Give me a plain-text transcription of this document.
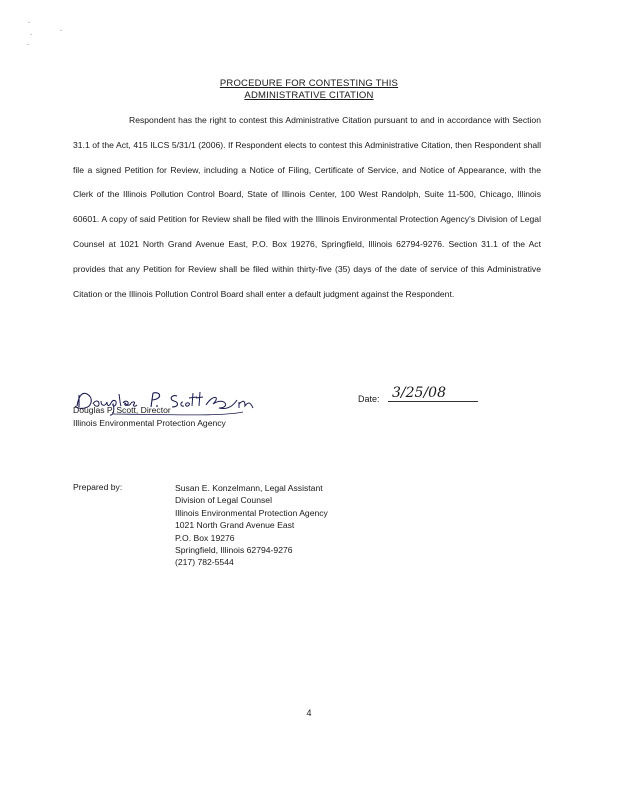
PROCEDURE FOR CONTESTING THIS
ADMINISTRATIVE CITATION
Respondent has the right to contest this Administrative Citation pursuant to and in accordance with Section 31.1 of the Act, 415 ILCS 5/31/1 (2006). If Respondent elects to contest this Administrative Citation, then Respondent shall file a signed Petition for Review, including a Notice of Filing, Certificate of Service, and Notice of Appearance, with the Clerk of the Illinois Pollution Control Board, State of Illinois Center, 100 West Randolph, Suite 11-500, Chicago, Illinois 60601. A copy of said Petition for Review shall be filed with the Illinois Environmental Protection Agency's Division of Legal Counsel at 1021 North Grand Avenue East, P.O. Box 19276, Springfield, Illinois 62794-9276. Section 31.1 of the Act provides that any Petition for Review shall be filed within thirty-five (35) days of the date of service of this Administrative Citation or the Illinois Pollution Control Board shall enter a default judgment against the Respondent.
Douglas P. Scott, Director
Illinois Environmental Protection Agency
Date: 3/25/08
Prepared by:	Susan E. Konzelmann, Legal Assistant
Division of Legal Counsel
Illinois Environmental Protection Agency
1021 North Grand Avenue East
P.O. Box 19276
Springfield, Illinois 62794-9276
(217) 782-5544
4
